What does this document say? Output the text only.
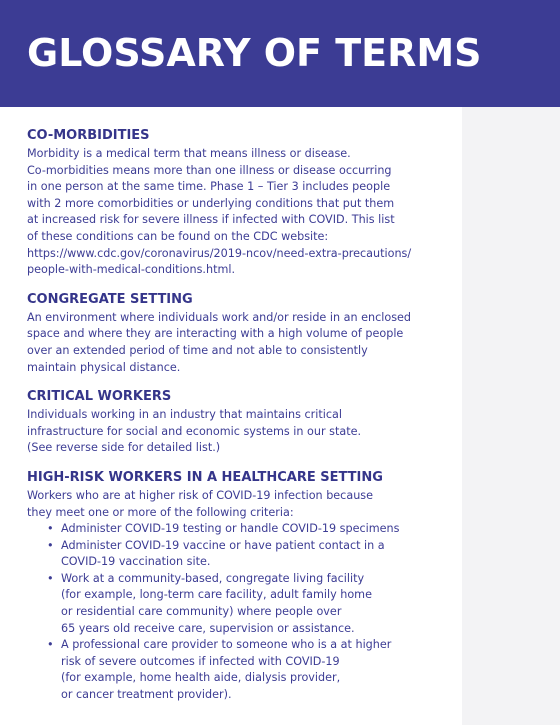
GLOSSARY OF TERMS
CO-MORBIDITIES

Morbidity is a medical term that means illness or disease.

Co-morbidities means more than one illness or disease occurring

in one person at the same time. Phase 1 – Tier 3 includes people

with 2 more comorbidities or underlying conditions that put them

at increased risk for severe illness if infected with COVID. This list

of these conditions can be found on the CDC website:

https://www.cdc.gov/coronavirus/2019-ncov/need-extra-precautions/

people-with-medical-conditions.html.

CONGREGATE SETTING

An environment where individuals work and/or reside in an enclosed

space and where they are interacting with a high volume of people

over an extended period of time and not able to consistently

maintain physical distance.

CRITICAL WORKERS

Individuals working in an industry that maintains critical

infrastructure for social and economic systems in our state.

(See reverse side for detailed list.)

HIGH-RISK WORKERS IN A HEALTHCARE SETTING

Workers who are at higher risk of COVID-19 infection because

they meet one or more of the following criteria:

• Administer COVID-19 testing or handle COVID-19 specimens

• Administer COVID-19 vaccine or have patient contact in a

COVID-19 vaccination site.

• Work at a community-based, congregate living facility

(for example, long-term care facility, adult family home

or residential care community) where people over

65 years old receive care, supervision or assistance.

• A professional care provider to someone who is a at higher

risk of severe outcomes if infected with COVID-19

(for example, home health aide, dialysis provider,

or cancer treatment provider).
